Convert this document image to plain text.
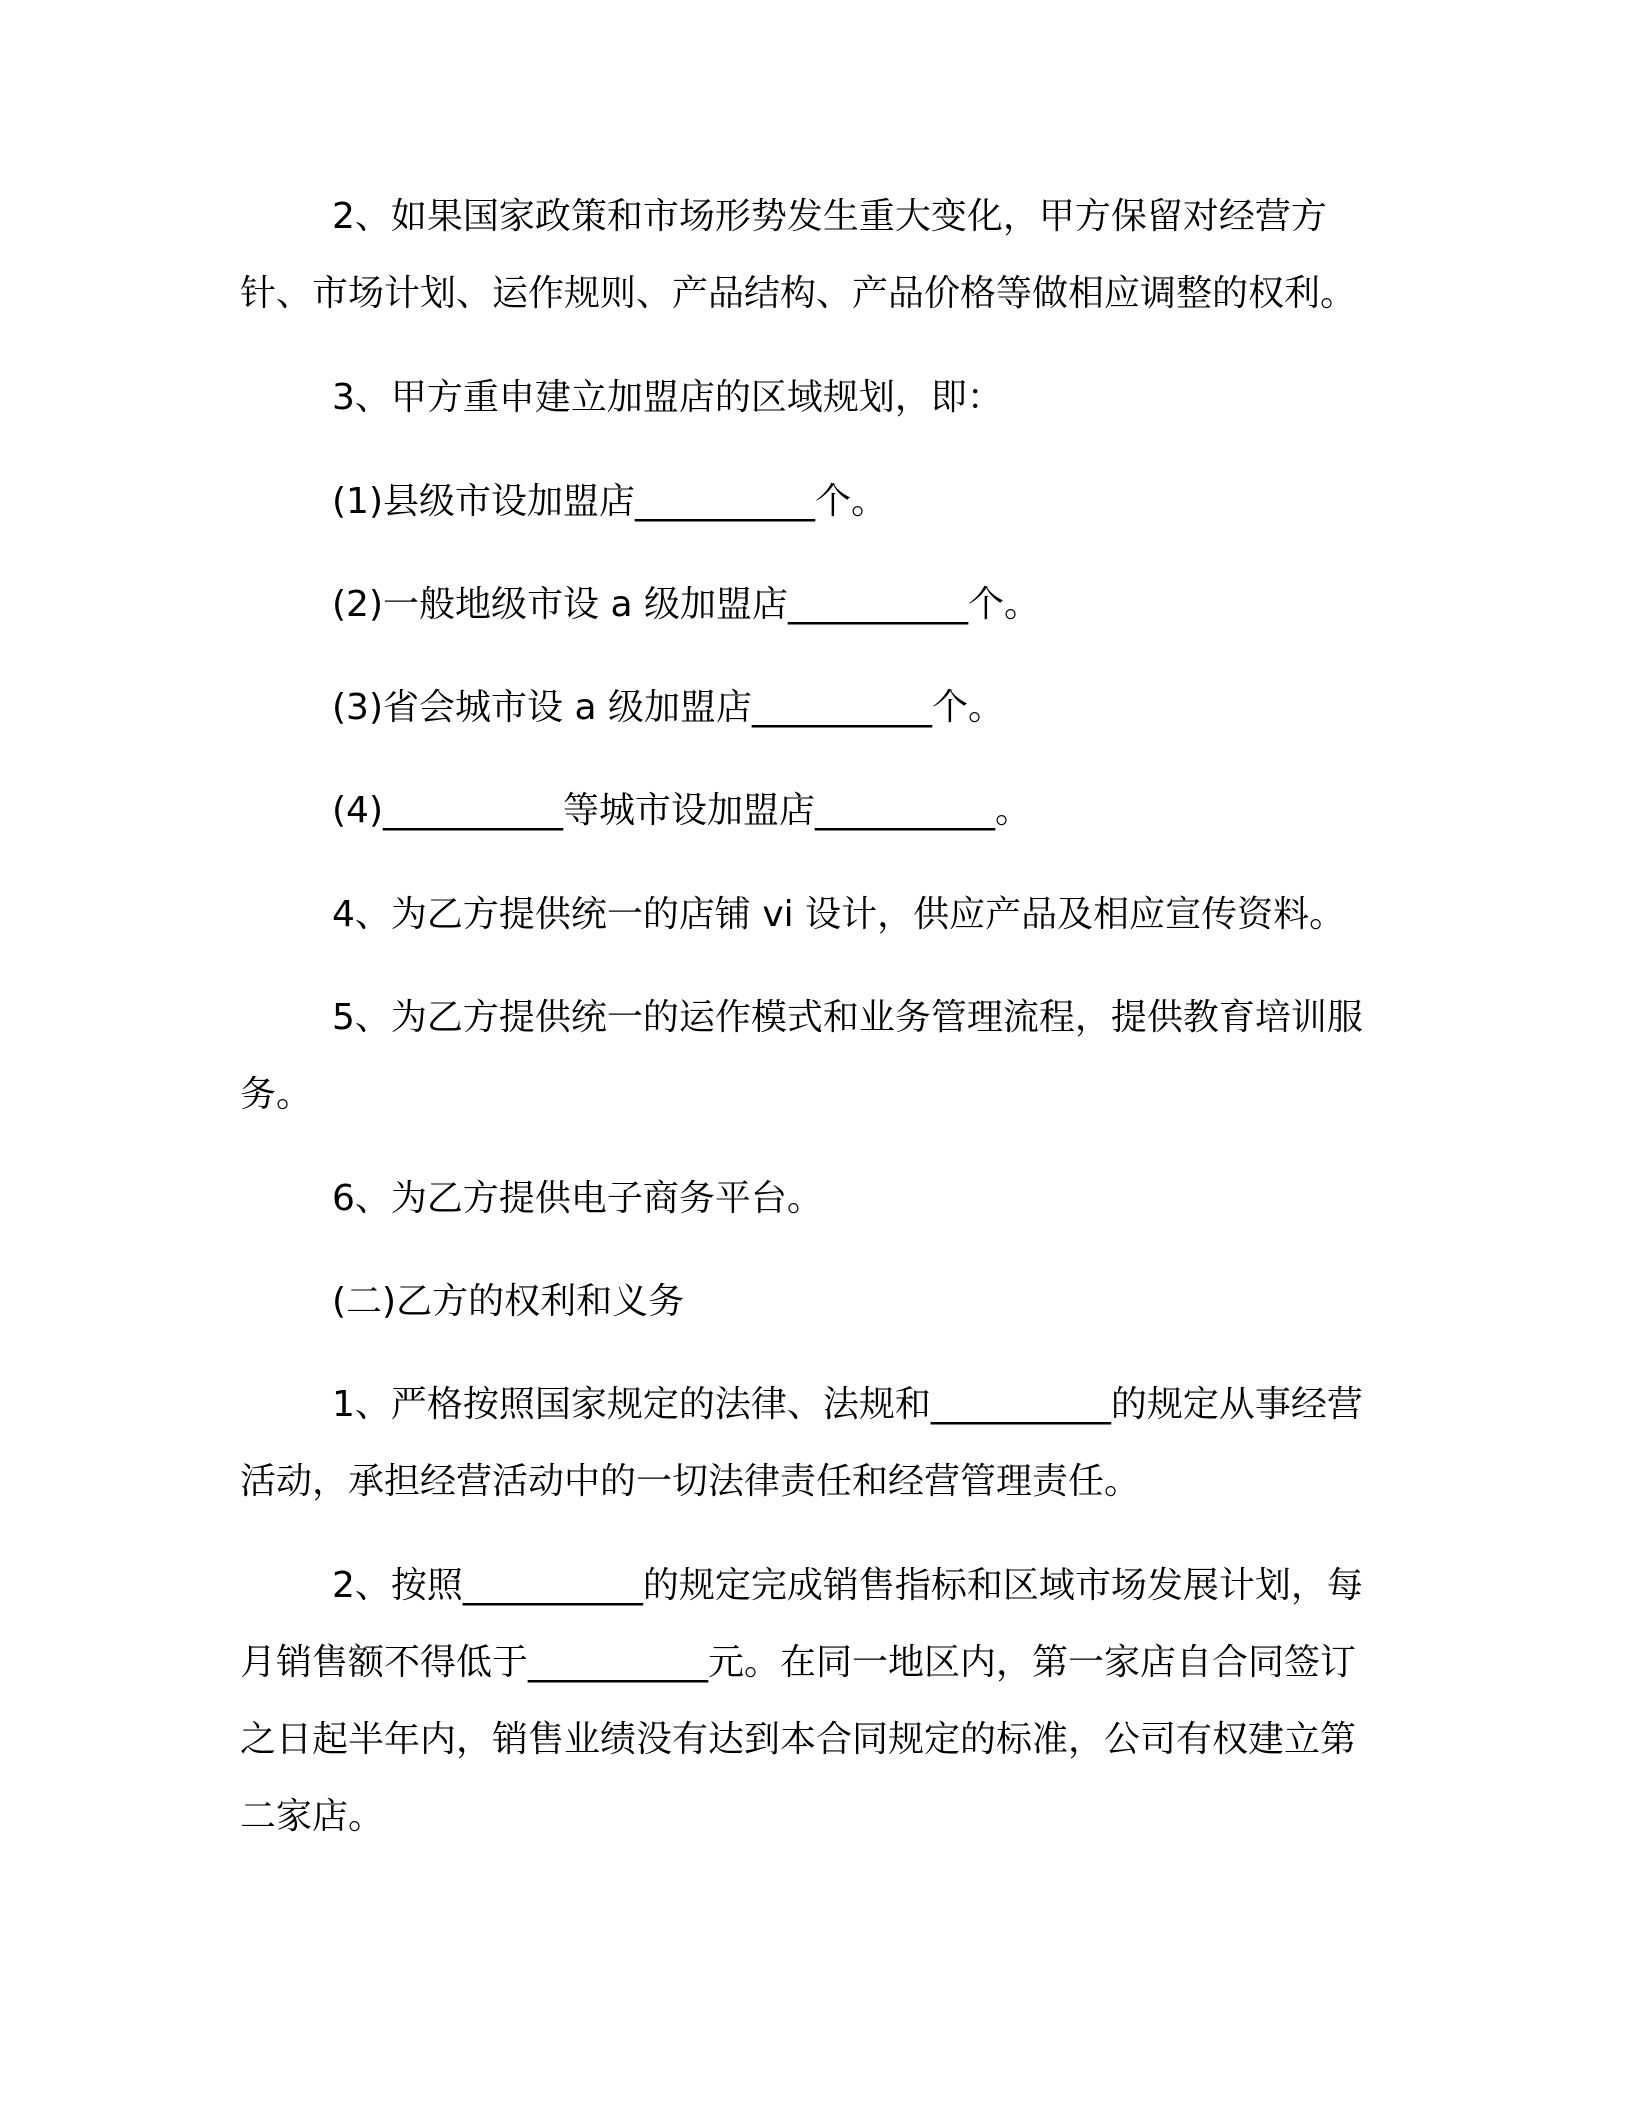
2、如果国家政策和市场形势发生重大变化，甲方保留对经营方针、市场计划、运作规则、产品结构、产品价格等做相应调整的权利。

3、甲方重申建立加盟店的区域规划，即：

(1)县级市设加盟店__________个。

(2)一般地级市设 a 级加盟店__________个。

(3)省会城市设 a 级加盟店__________个。

(4)__________等城市设加盟店__________。

4、为乙方提供统一的店铺 vi 设计，供应产品及相应宣传资料。

5、为乙方提供统一的运作模式和业务管理流程，提供教育培训服务。

6、为乙方提供电子商务平台。

(二)乙方的权利和义务

1、严格按照国家规定的法律、法规和__________的规定从事经营活动，承担经营活动中的一切法律责任和经营管理责任。

2、按照__________的规定完成销售指标和区域市场发展计划，每月销售额不得低于__________元。在同一地区内，第一家店自合同签订之日起半年内，销售业绩没有达到本合同规定的标准，公司有权建立第二家店。
